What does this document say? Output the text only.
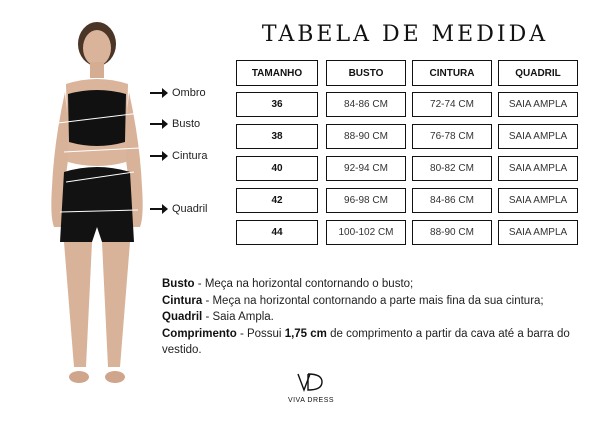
Ombro
Busto
Cintura
Quadril
TABELA DE MEDIDA
TAMANHO	BUSTO	CINTURA	QUADRIL
36	84-86 CM	72-74 CM	SAIA AMPLA
38	88-90 CM	76-78 CM	SAIA AMPLA
40	92-94 CM	80-82 CM	SAIA AMPLA
42	96-98 CM	84-86 CM	SAIA AMPLA
44	100-102 CM	88-90 CM	SAIA AMPLA
Busto - Meça na horizontal contornando o busto;
Cintura - Meça na horizontal contornando a parte mais fina da sua cintura;
Quadril - Saia Ampla.
Comprimento - Possui 1,75 cm de comprimento a partir da cava até a barra do vestido.
VIVA DRESS
